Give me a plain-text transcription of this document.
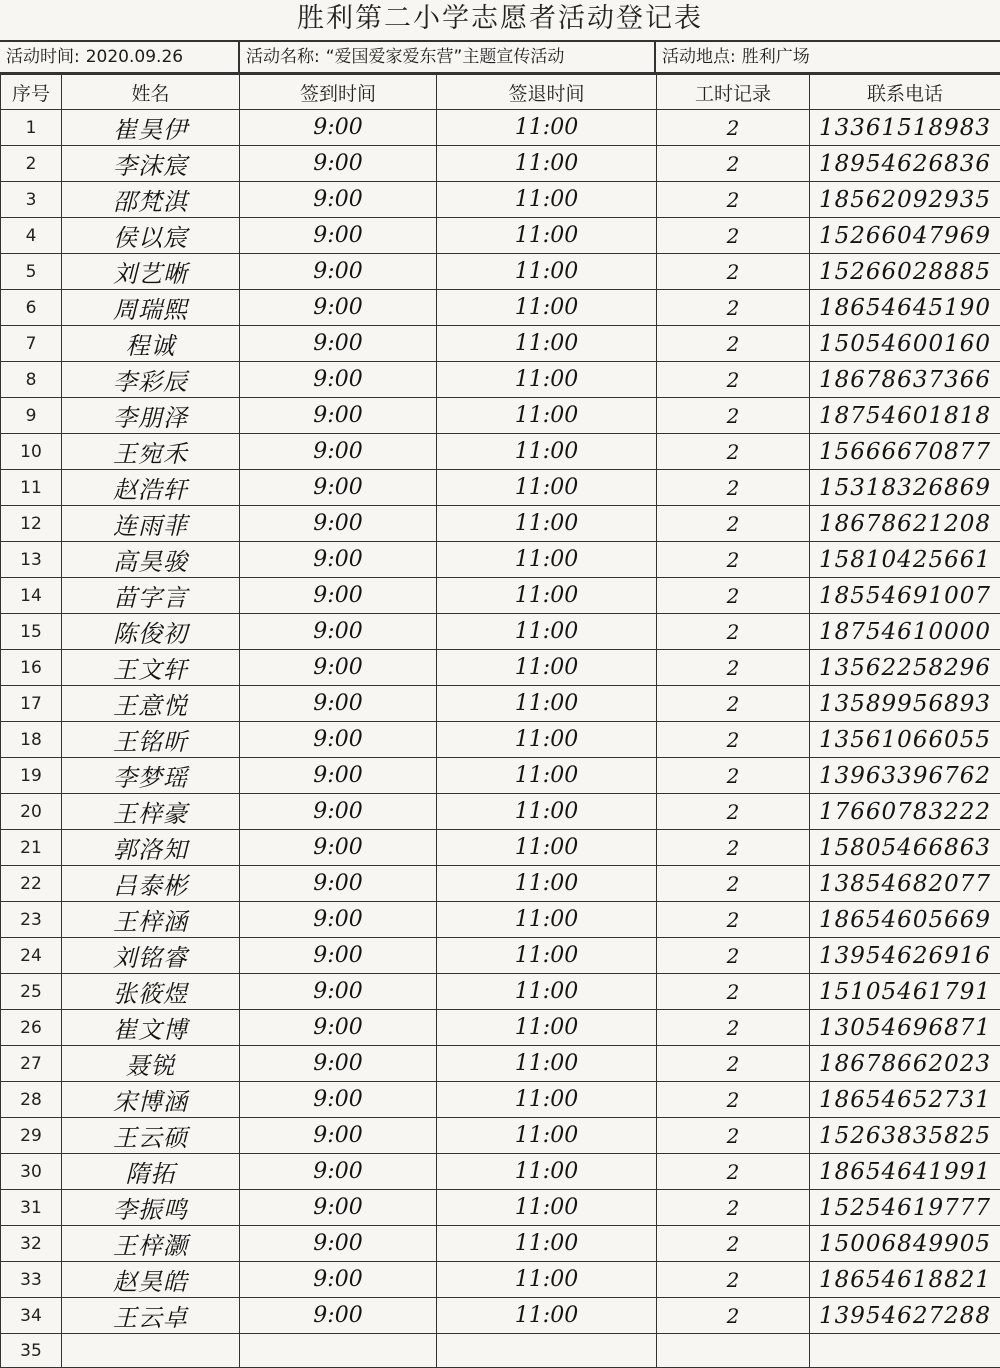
胜利第二小学志愿者活动登记表
活动时间: 2020.09.26	活动名称: “爱国爱家爱东营”主题宣传活动	活动地点: 胜利广场
序号	姓名	签到时间	签退时间	工时记录	联系电话
1	崔昊伊	9:00	11:00	2	13361518983
2	李沫宸	9:00	11:00	2	18954626836
3	邵梵淇	9:00	11:00	2	18562092935
4	侯以宸	9:00	11:00	2	15266047969
5	刘艺晰	9:00	11:00	2	15266028885
6	周瑞熙	9:00	11:00	2	18654645190
7	程诚	9:00	11:00	2	15054600160
8	李彩辰	9:00	11:00	2	18678637366
9	李朋泽	9:00	11:00	2	18754601818
10	王宛禾	9:00	11:00	2	15666670877
11	赵浩轩	9:00	11:00	2	15318326869
12	连雨菲	9:00	11:00	2	18678621208
13	高昊骏	9:00	11:00	2	15810425661
14	苗字言	9:00	11:00	2	18554691007
15	陈俊初	9:00	11:00	2	18754610000
16	王文轩	9:00	11:00	2	13562258296
17	王意悦	9:00	11:00	2	13589956893
18	王铭昕	9:00	11:00	2	13561066055
19	李梦瑶	9:00	11:00	2	13963396762
20	王梓豪	9:00	11:00	2	17660783222
21	郭洛知	9:00	11:00	2	15805466863
22	吕泰彬	9:00	11:00	2	13854682077
23	王梓涵	9:00	11:00	2	18654605669
24	刘铭睿	9:00	11:00	2	13954626916
25	张筱煜	9:00	11:00	2	15105461791
26	崔文博	9:00	11:00	2	13054696871
27	聂锐	9:00	11:00	2	18678662023
28	宋博涵	9:00	11:00	2	18654652731
29	王云硕	9:00	11:00	2	15263835825
30	隋拓	9:00	11:00	2	18654641991
31	李振鸣	9:00	11:00	2	15254619777
32	王梓灏	9:00	11:00	2	15006849905
33	赵昊皓	9:00	11:00	2	18654618821
34	王云卓	9:00	11:00	2	13954627288
35					
